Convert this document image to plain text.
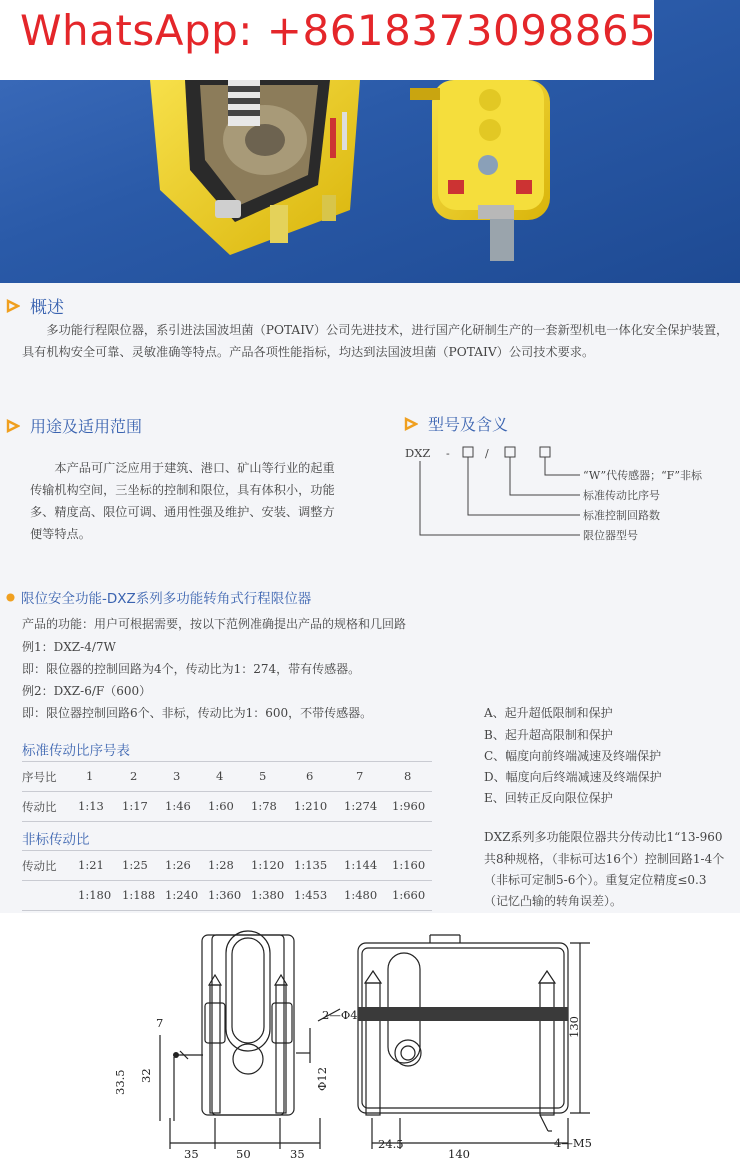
WhatsApp: +8618373098865
概述
多功能行程限位器，系引进法国波坦菌（POTAIV）公司先进技术，进行国产化研制生产的一套新型机电一体化安全保护装置，具有机构安全可靠、灵敏准确等特点。产品各项性能指标，均达到法国波坦菌（POTAIV）公司技术要求。
用途及适用范围
本产品可广泛应用于建筑、港口、矿山等行业的起重传输机构空间，三坐标的控制和限位，具有体积小，功能多、精度高、限位可调、通用性强及维护、安装、调整方便等特点。
型号及含义
DXZ -	/
“W”代传感器；“F”非标
标准传动比序号
标准控制回路数
限位器型号
限位安全功能-DXZ系列多功能转角式行程限位器
产品的功能：用户可根据需要，按以下范例准确提出产品的规格和几回路
例1：DXZ-4/7W
即：限位器的控制回路为4个，传动比为1：274，带有传感器。
例2：DXZ-6/F（600）
即：限位器控制回路6个、非标，传动比为1：600，不带传感器。	A、起升超低限制和保护
B、起升超高限制和保护
C、幅度向前终端减速及终端保护
D、幅度向后终端减速及终端保护
E、回转正反向限位保护
DXZ系列多功能限位器共分传动比1“13-960
共8种规格，（非标可达16个）控制回路1-4个
（非标可定制5-6个）。重复定位精度≤0.3
（记忆凸输的转角误差）。
标准传动比序号表
序号比	1	2	3	4	5	6	7	8
传动比 1:13 1:17 1:46 1:60 1:78 1:210 1:274 1:960
非标传动比
传动比 1:21 1:25 1:26 1:28 1:120 1:135 1:144 1:160
1:180 1:188 1:240 1:360 1:380 1:453 1:480 1:660
7
33.5 32
35	50	35
2—Φ4
Φ12
130
24.5
140
4—M5
